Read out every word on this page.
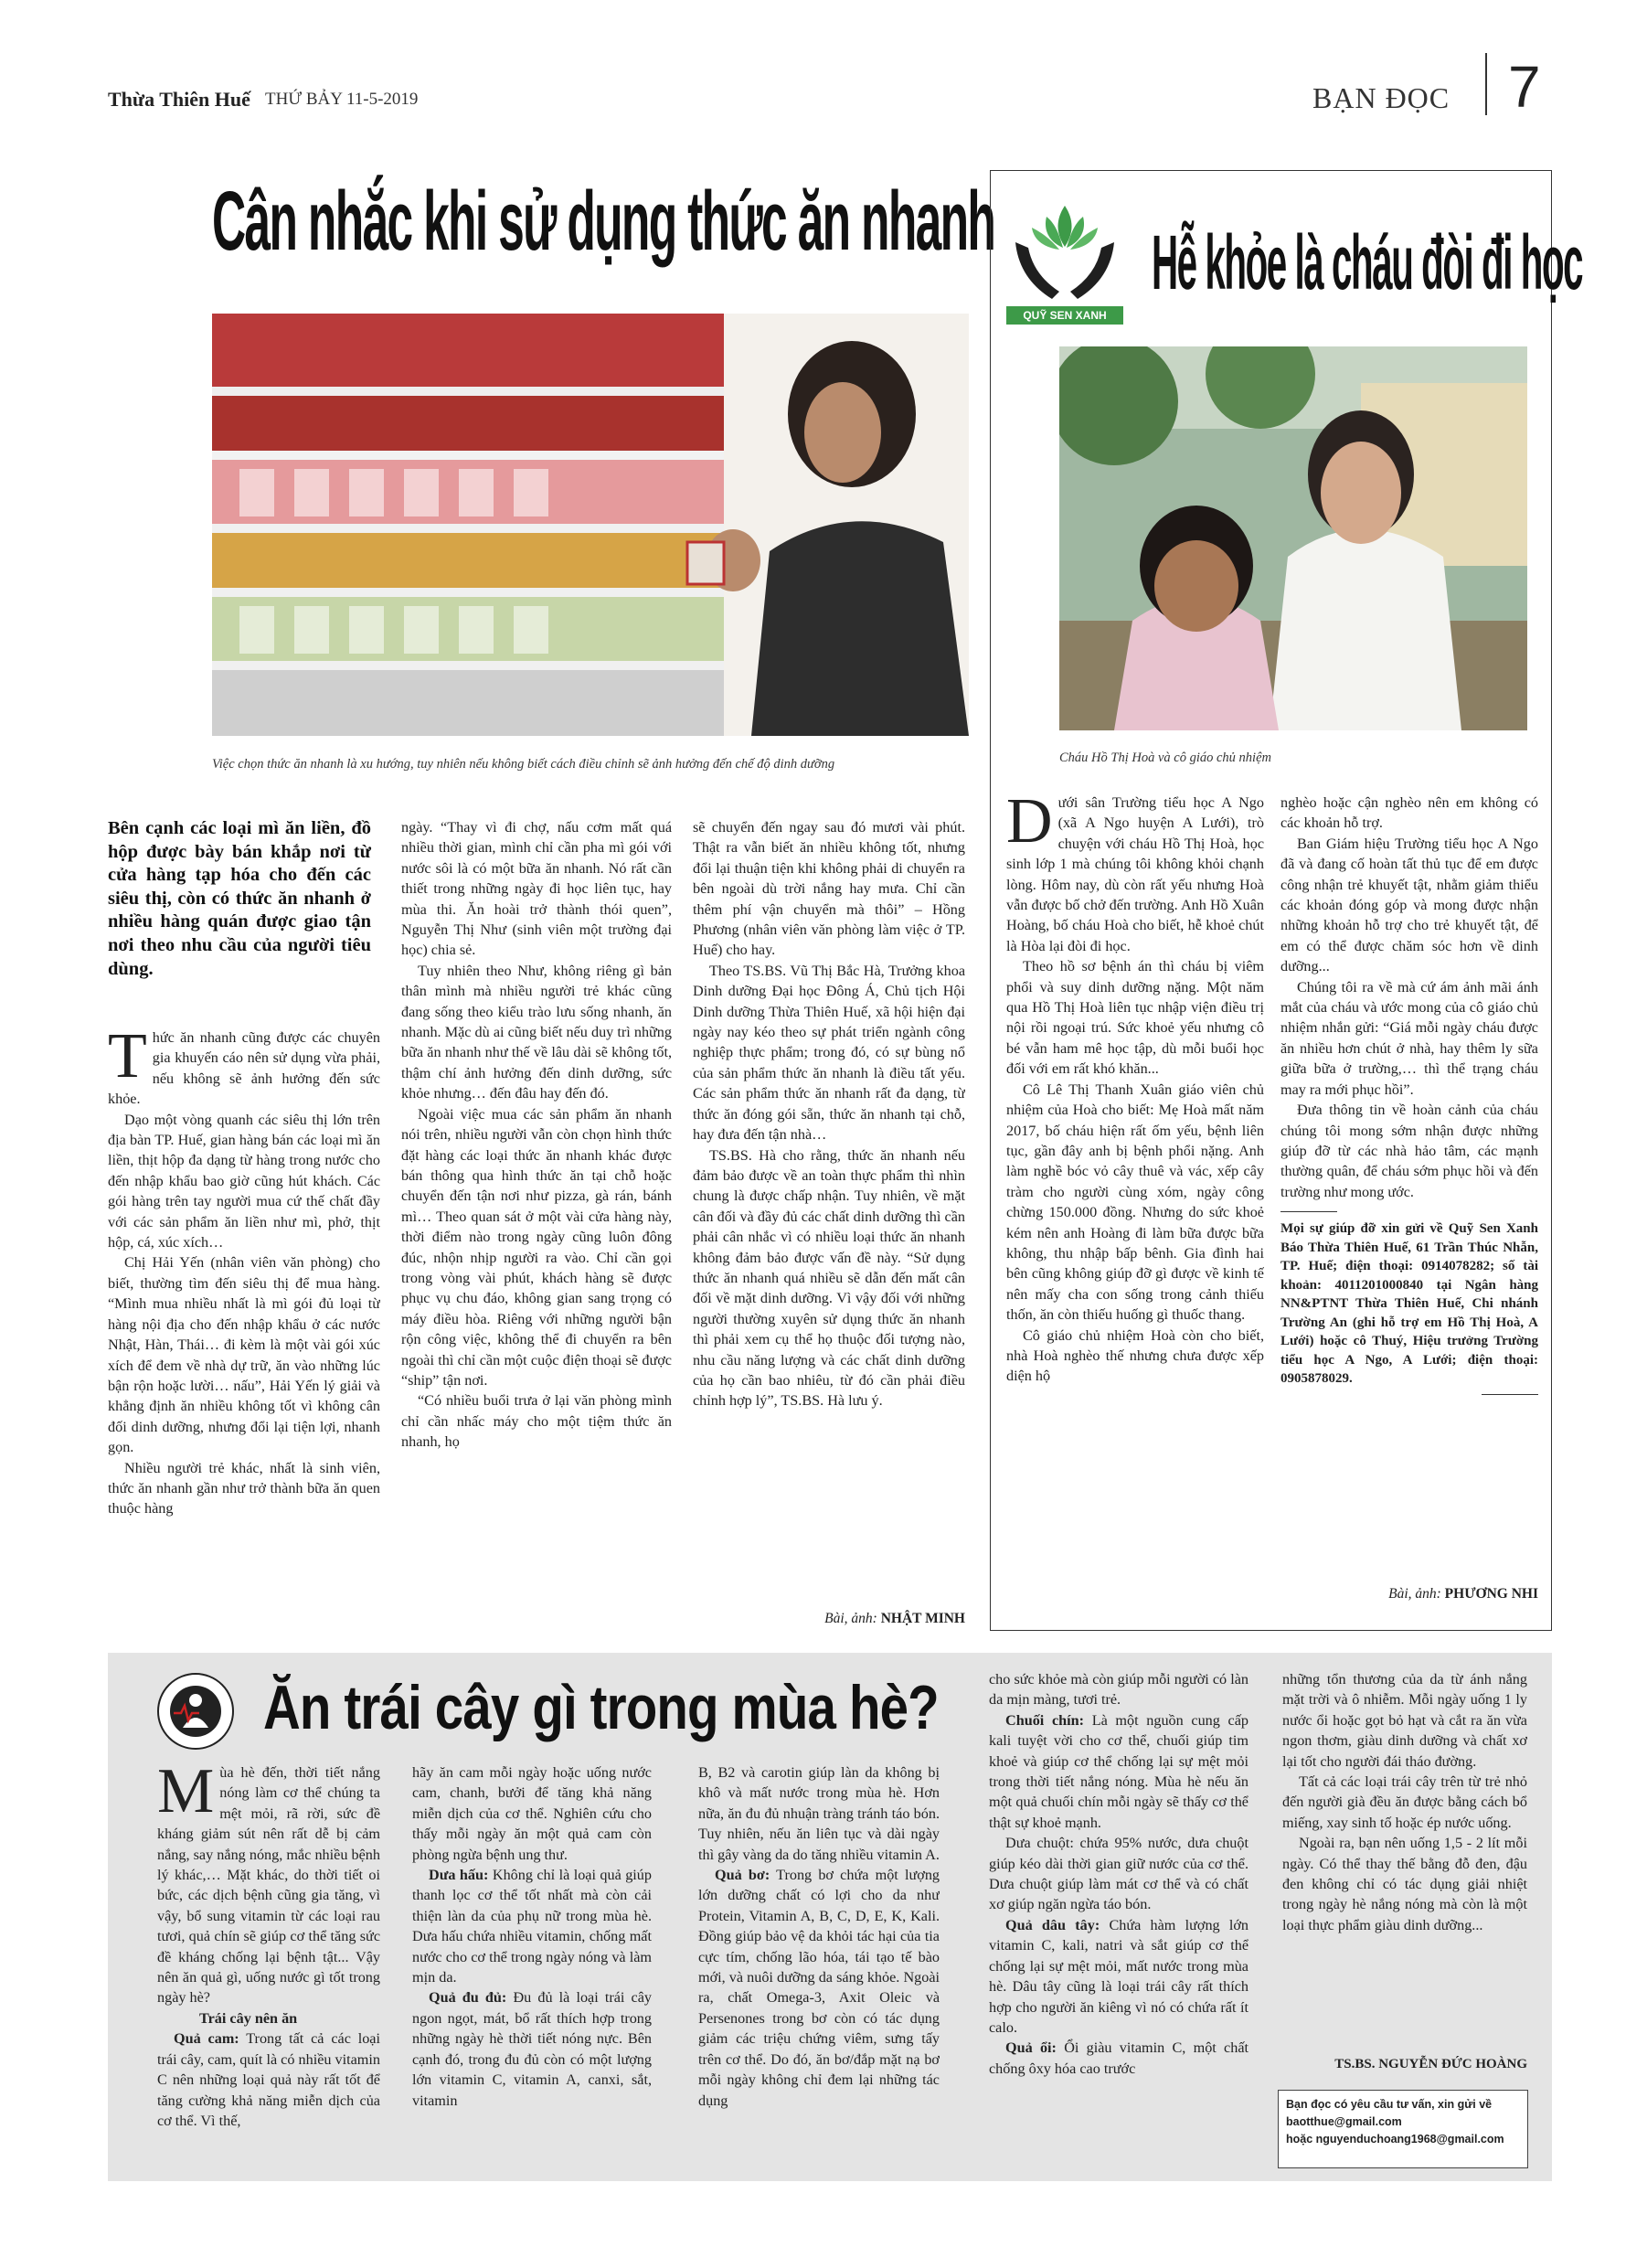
Thừa Thiên Huế THỨ BẢY 11-5-2019	BẠN ĐỌC 7
Cân nhắc khi sử dụng thức ăn nhanh
Việc chọn thức ăn nhanh là xu hướng, tuy nhiên nếu không biết cách điều chỉnh sẽ ảnh hưởng đến chế độ dinh dưỡng
Bên cạnh các loại mì ăn liền, đồ hộp được bày bán khắp nơi từ cửa hàng tạp hóa cho đến các siêu thị, còn có thức ăn nhanh ở nhiều hàng quán được giao tận nơi theo nhu cầu của người tiêu dùng.

Thức ăn nhanh cũng được các chuyên gia khuyến cáo nên sử dụng vừa phải, nếu không sẽ ảnh hưởng đến sức khỏe.

Dạo một vòng quanh các siêu thị lớn trên địa bàn TP. Huế, gian hàng bán các loại mì ăn liền, thịt hộp đa dạng từ hàng trong nước cho đến nhập khẩu bao giờ cũng hút khách. Các gói hàng trên tay người mua cứ thế chất đầy với các sản phẩm ăn liền như mì, phở, thịt hộp, cá, xúc xích…

Chị Hải Yến (nhân viên văn phòng) cho biết, thường tìm đến siêu thị để mua hàng. “Mình mua nhiều nhất là mì gói đủ loại từ hàng nội địa cho đến nhập khẩu ở các nước Nhật, Hàn, Thái… đi kèm là một vài gói xúc xích để đem về nhà dự trữ, ăn vào những lúc bận rộn hoặc lười… nấu”, Hải Yến lý giải và khẳng định ăn nhiều không tốt vì không cân đối dinh dưỡng, nhưng đổi lại tiện lợi, nhanh gọn.

Nhiều người trẻ khác, nhất là sinh viên, thức ăn nhanh gần như trở thành bữa ăn quen thuộc hàng

ngày. “Thay vì đi chợ, nấu cơm mất quá nhiều thời gian, mình chỉ cần pha mì gói với nước sôi là có một bữa ăn nhanh. Nó rất cần thiết trong những ngày đi học liên tục, hay mùa thi. Ăn hoài trở thành thói quen”, Nguyễn Thị Như (sinh viên một trường đại học) chia sẻ.

Tuy nhiên theo Như, không riêng gì bản thân mình mà nhiều người trẻ khác cũng đang sống theo kiểu trào lưu sống nhanh, ăn nhanh. Mặc dù ai cũng biết nếu duy trì những bữa ăn nhanh như thế về lâu dài sẽ không tốt, thậm chí ảnh hưởng đến dinh dưỡng, sức khỏe nhưng… đến đâu hay đến đó.

Ngoài việc mua các sản phẩm ăn nhanh nói trên, nhiều người vẫn còn chọn hình thức đặt hàng các loại thức ăn nhanh khác được bán thông qua hình thức ăn tại chỗ hoặc chuyển đến tận nơi như pizza, gà rán, bánh mì… Theo quan sát ở một vài cửa hàng này, thời điểm nào trong ngày cũng luôn đông đúc, nhộn nhịp người ra vào. Chỉ cần gọi trong vòng vài phút, khách hàng sẽ được phục vụ chu đáo, không gian sang trọng có máy điều hòa. Riêng với những người bận rộn công việc, không thể đi chuyển ra bên ngoài thì chỉ cần một cuộc điện thoại sẽ được “ship” tận nơi.

“Có nhiều buổi trưa ở lại văn phòng mình chỉ cần nhấc máy cho một tiệm thức ăn nhanh, họ

sẽ chuyển đến ngay sau đó mươi vài phút. Thật ra vẫn biết ăn nhiều không tốt, nhưng đổi lại thuận tiện khi không phải di chuyển ra bên ngoài dù trời nắng hay mưa. Chỉ cần thêm phí vận chuyển mà thôi” – Hồng Phương (nhân viên văn phòng làm việc ở TP. Huế) cho hay.

Theo TS.BS. Vũ Thị Bắc Hà, Trưởng khoa Dinh dưỡng Đại học Đông Á, Chủ tịch Hội Dinh dưỡng Thừa Thiên Huế, xã hội hiện đại ngày nay kéo theo sự phát triển ngành công nghiệp thực phẩm; trong đó, có sự bùng nổ của sản phẩm thức ăn nhanh là điều tất yếu. Các sản phẩm thức ăn nhanh rất đa dạng, từ thức ăn đóng gói sẵn, thức ăn nhanh tại chỗ, hay đưa đến tận nhà…

TS.BS. Hà cho rằng, thức ăn nhanh nếu đảm bảo được về an toàn thực phẩm thì nhìn chung là được chấp nhận. Tuy nhiên, về mặt cân đối và đầy đủ các chất dinh dưỡng thì cần phải cân nhắc vì có nhiều loại thức ăn nhanh không đảm bảo được vấn đề này. “Sử dụng thức ăn nhanh quá nhiều sẽ dẫn đến mất cân đối về mặt dinh dưỡng. Vì vậy đối với những người thường xuyên sử dụng thức ăn nhanh thì phải xem cụ thể họ thuộc đối tượng nào, nhu cầu năng lượng và các chất dinh dưỡng của họ cần bao nhiêu, từ đó cần phải điều chỉnh hợp lý”, TS.BS. Hà lưu ý.

Bài, ảnh: NHẬT MINH
QUỸ SEN XANH
Hễ khỏe là cháu đòi đi học
Cháu Hồ Thị Hoà và cô giáo chủ nhiệm

Dưới sân Trường tiểu học A Ngo (xã A Ngo huyện A Lưới), trò chuyện với cháu Hồ Thị Hoà, học sinh lớp 1 mà chúng tôi không khỏi chạnh lòng. Hôm nay, dù còn rất yếu nhưng Hoà vẫn được bố chở đến trường. Anh Hồ Xuân Hoàng, bố cháu Hoà cho biết, hễ khoẻ chút là Hòa lại đòi đi học.

Theo hồ sơ bệnh án thì cháu bị viêm phổi và suy dinh dưỡng nặng. Một năm qua Hồ Thị Hoà liên tục nhập viện điều trị nội rồi ngoại trú. Sức khoẻ yếu nhưng cô bé vẫn ham mê học tập, dù mỗi buổi học đối với em rất khó khăn...

Cô Lê Thị Thanh Xuân giáo viên chủ nhiệm của Hoà cho biết: Mẹ Hoà mất năm 2017, bố cháu hiện rất ốm yếu, bệnh liên tục, gần đây anh bị bệnh phổi nặng. Anh làm nghề bóc vỏ cây thuê và vác, xếp cây tràm cho người cùng xóm, ngày công chừng 150.000 đồng. Nhưng do sức khoẻ kém nên anh Hoàng đi làm bữa được bữa không, thu nhập bấp bênh. Gia đình hai bên cũng không giúp đỡ gì được về kinh tế nên mấy cha con sống trong cảnh thiếu thốn, ăn còn thiếu huống gì thuốc thang.

Cô giáo chủ nhiệm Hoà còn cho biết, nhà Hoà nghèo thế nhưng chưa được xếp diện hộ

nghèo hoặc cận nghèo nên em không có các khoản hỗ trợ.

Ban Giám hiệu Trường tiểu học A Ngo đã và đang cố hoàn tất thủ tục để em được công nhận trẻ khuyết tật, nhằm giảm thiểu các khoản đóng góp và mong được nhận những khoản hỗ trợ cho trẻ khuyết tật, để em có thể được chăm sóc hơn về dinh dưỡng...

Chúng tôi ra về mà cứ ám ảnh mãi ánh mắt của cháu và ước mong của cô giáo chủ nhiệm nhắn gửi: “Giá mỗi ngày cháu được ăn nhiều hơn chút ở nhà, hay thêm ly sữa giữa bữa ở trường,… thì thể trạng cháu may ra mới phục hồi”.

Đưa thông tin về hoàn cảnh của cháu chúng tôi mong sớm nhận được những giúp đỡ từ các nhà hảo tâm, các mạnh thường quân, để cháu sớm phục hồi và đến trường như mong ước.

Mọi sự giúp đỡ xin gửi về Quỹ Sen Xanh Báo Thừa Thiên Huế, 61 Trần Thúc Nhẫn, TP. Huế; điện thoại: 0914078282; số tài khoản: 4011201000840 tại Ngân hàng NN&PTNT Thừa Thiên Huế, Chi nhánh Trường An (ghi hỗ trợ em Hồ Thị Hoà, A Lưới) hoặc cô Thuý, Hiệu trưởng Trường tiểu học A Ngo, A Lưới; điện thoại: 0905878029.

Bài, ảnh: PHƯƠNG NHI
Ăn trái cây gì trong mùa hè?

Mùa hè đến, thời tiết nắng nóng làm cơ thể chúng ta mệt mỏi, rã rời, sức đề kháng giảm sút nên rất dễ bị cảm nắng, say nắng nóng, mắc nhiều bệnh lý khác,… Mặt khác, do thời tiết oi bức, các dịch bệnh cũng gia tăng, vì vậy, bổ sung vitamin từ các loại rau tươi, quả chín sẽ giúp cơ thể tăng sức đề kháng chống lại bệnh tật... Vậy nên ăn quả gì, uống nước gì tốt trong ngày hè?

Trái cây nên ăn

Quả cam: Trong tất cả các loại trái cây, cam, quít là có nhiều vitamin C nên những loại quả này rất tốt để tăng cường khả năng miễn dịch của cơ thể. Vì thế,

hãy ăn cam mỗi ngày hoặc uống nước cam, chanh, bưởi để tăng khả năng miễn dịch của cơ thể. Nghiên cứu cho thấy mỗi ngày ăn một quả cam còn phòng ngừa bệnh ung thư.

Dưa hấu: Không chỉ là loại quả giúp thanh lọc cơ thể tốt nhất mà còn cải thiện làn da của phụ nữ trong mùa hè. Dưa hấu chứa nhiều vitamin, chống mất nước cho cơ thể trong ngày nóng và làm mịn da.

Quả đu đủ: Đu đủ là loại trái cây ngon ngọt, mát, bổ rất thích hợp trong những ngày hè thời tiết nóng nực. Bên cạnh đó, trong đu đủ còn có một lượng lớn vitamin C, vitamin A, canxi, sắt, vitamin

B, B2 và carotin giúp làn da không bị khô và mất nước trong mùa hè. Hơn nữa, ăn đu đủ nhuận tràng tránh táo bón. Tuy nhiên, nếu ăn liên tục và dài ngày thì gây vàng da do tăng nhiều vitamin A.

Quả bơ: Trong bơ chứa một lượng lớn dưỡng chất có lợi cho da như Protein, Vitamin A, B, C, D, E, K, Kali. Đồng giúp bảo vệ da khỏi tác hại của tia cực tím, chống lão hóa, tái tạo tế bào mới, và nuôi dưỡng da sáng khỏe. Ngoài ra, chất Omega-3, Axit Oleic và Persenones trong bơ còn có tác dụng giảm các triệu chứng viêm, sưng tấy trên cơ thể. Do đó, ăn bơ/đắp mặt nạ bơ mỗi ngày không chỉ đem lại những tác dụng

cho sức khỏe mà còn giúp mỗi người có làn da mịn màng, tươi trẻ.

Chuối chín: Là một nguồn cung cấp kali tuyệt vời cho cơ thể, chuối giúp tim khoẻ và giúp cơ thể chống lại sự mệt mỏi trong thời tiết nắng nóng. Mùa hè nếu ăn một quả chuối chín mỗi ngày sẽ thấy cơ thể thật sự khoẻ mạnh.

Dưa chuột: chứa 95% nước, dưa chuột giúp kéo dài thời gian giữ nước của cơ thể. Dưa chuột giúp làm mát cơ thể và có chất xơ giúp ngăn ngừa táo bón.

Quả dâu tây: Chứa hàm lượng lớn vitamin C, kali, natri và sắt giúp cơ thể chống lại sự mệt mỏi, mất nước trong mùa hè. Dâu tây cũng là loại trái cây rất thích hợp cho người ăn kiêng vì nó có chứa rất ít calo.

Quả ổi: Ổi giàu vitamin C, một chất chống ôxy hóa cao trước

những tổn thương của da từ ánh nắng mặt trời và ô nhiễm. Mỗi ngày uống 1 ly nước ổi hoặc gọt bỏ hạt và cắt ra ăn vừa ngon thơm, giàu dinh dưỡng và chất xơ lại tốt cho người đái tháo đường.

Tất cả các loại trái cây trên từ trẻ nhỏ đến người già đều ăn được bằng cách bổ miếng, xay sinh tố hoặc ép nước uống.

Ngoài ra, bạn nên uống 1,5 - 2 lít mỗi ngày. Có thể thay thế bằng đỗ đen, đậu đen không chỉ có tác dụng giải nhiệt trong ngày hè nắng nóng mà còn là một loại thực phẩm giàu dinh dưỡng...

TS.BS. NGUYỄN ĐỨC HOÀNG
Bạn đọc có yêu cầu tư vấn, xin gửi về
baotthue@gmail.com
hoặc nguyenduchoang1968@gmail.com
